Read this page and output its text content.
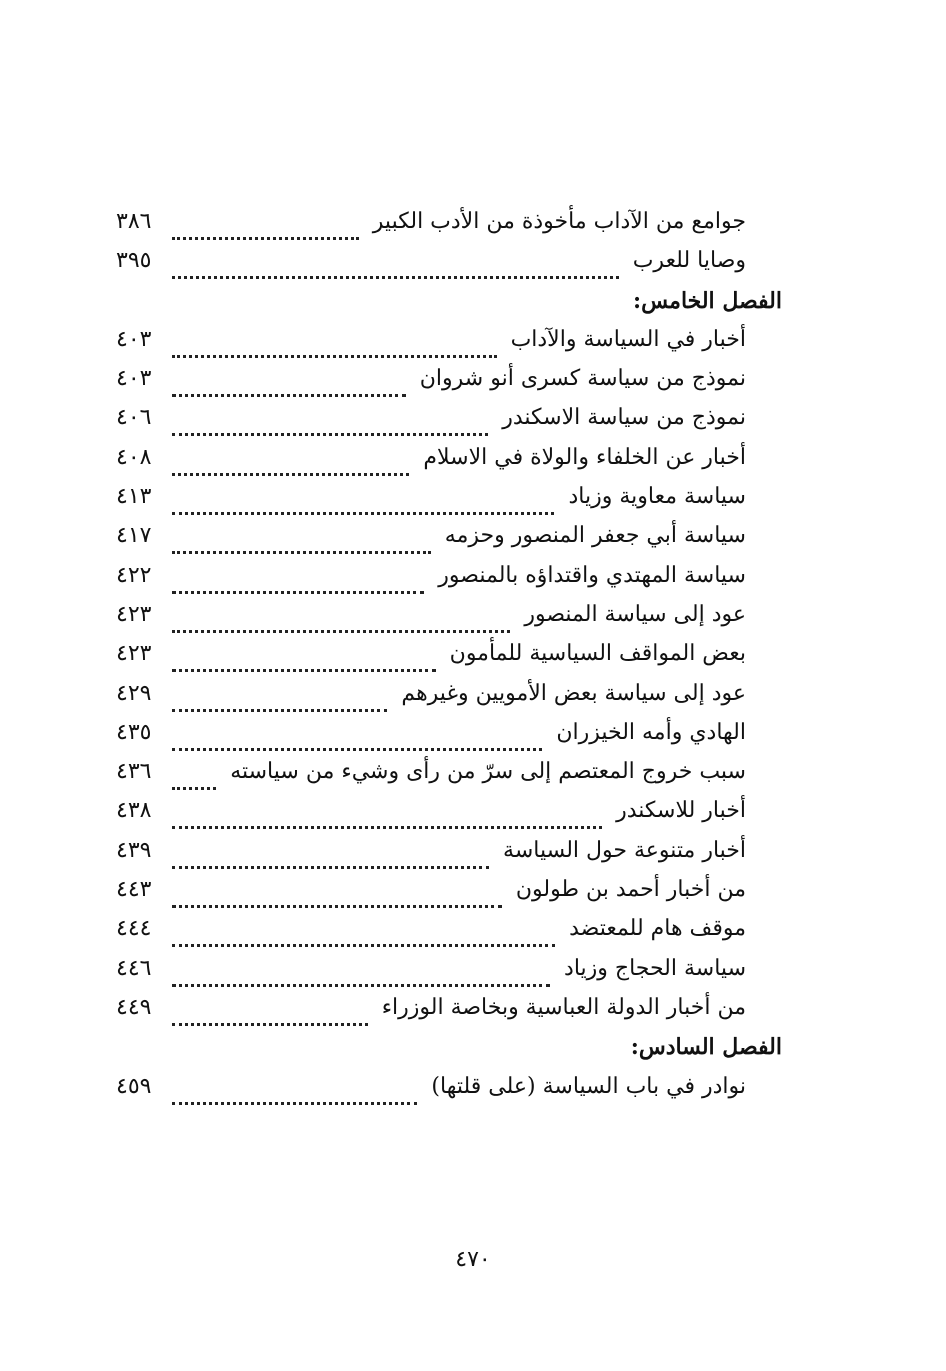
جوامع من الآداب مأخوذة من الأدب الكبير
٣٨٦
وصايا للعرب
٣٩٥
الفصل الخامس:
أخبار في السياسة والآداب
٤٠٣
نموذج من سياسة كسرى أنو شروان
٤٠٣
نموذج من سياسة الاسكندر
٤٠٦
أخبار عن الخلفاء والولاة في الاسلام
٤٠٨
سياسة معاوية وزياد
٤١٣
سياسة أبي جعفر المنصور وحزمه
٤١٧
سياسة المهتدي واقتداؤه بالمنصور
٤٢٢
عود إلى سياسة المنصور
٤٢٣
بعض المواقف السياسية للمأمون
٤٢٣
عود إلى سياسة بعض الأمويين وغيرهم
٤٢٩
الهادي وأمه الخيزران
٤٣٥
سبب خروج المعتصم إلى سرّ من رأى وشيء من سياسته
٤٣٦
أخبار للاسكندر
٤٣٨
أخبار متنوعة حول السياسة
٤٣٩
من أخبار أحمد بن طولون
٤٤٣
موقف هام للمعتضد
٤٤٤
سياسة الحجاج وزياد
٤٤٦
من أخبار الدولة العباسية وبخاصة الوزراء
٤٤٩
الفصل السادس:
نوادر في باب السياسة (على قلتها)
٤٥٩
٤٧٠
